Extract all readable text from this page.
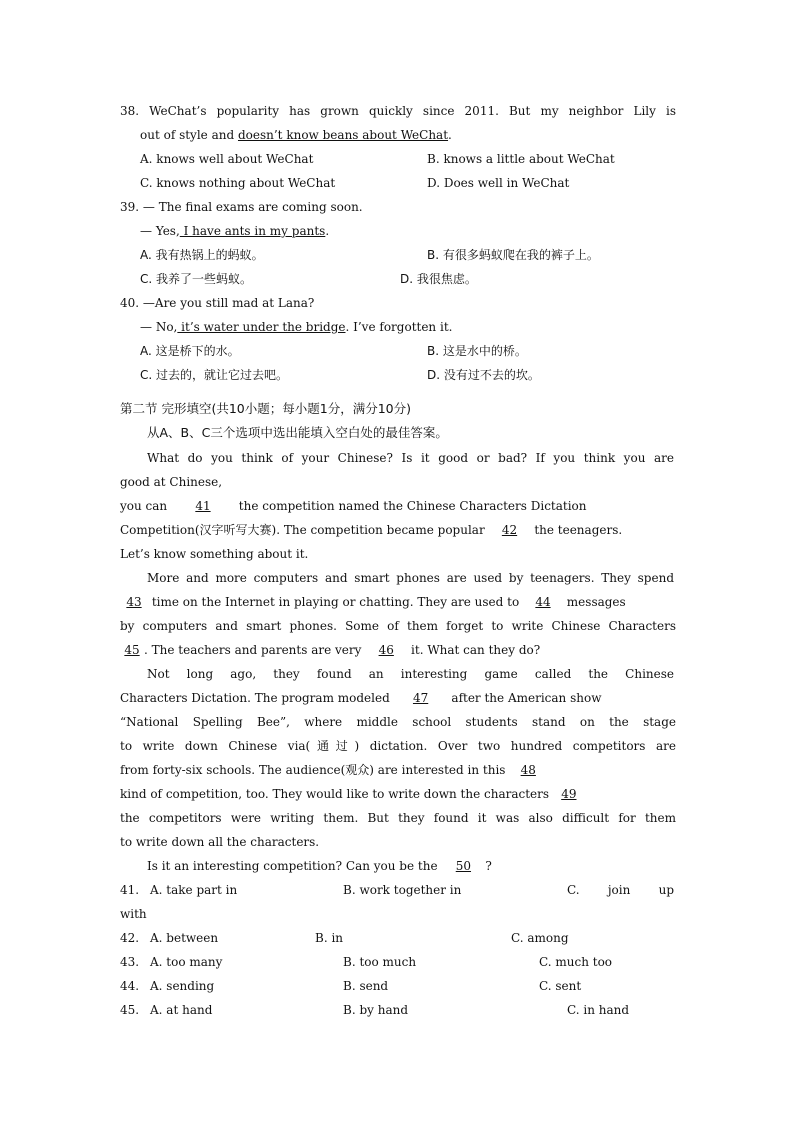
38. WeChat’s popularity has grown quickly since 2011. But my neighbor Lily is
out of style and doesn’t know beans about WeChat.
A. knows well about WeChat	B. knows a little about WeChat
C. knows nothing about WeChat	D. Does well in WeChat
39. — The final exams are coming soon.
— Yes, I have ants in my pants.
A. 我有热锅上的蚂蚁。	B. 有很多蚂蚁爬在我的裤子上。
C. 我养了一些蚂蚁。	D. 我很焦虑。
40. —Are you still mad at Lana?
— No, it’s water under the bridge. I’ve forgotten it.
A. 这是桥下的水。	B. 这是水中的桥。
C. 过去的，就让它过去吧。	D. 没有过不去的坎。
第二节 完形填空(共10小题；每小题1分，满分10分)
从A、B、C三个选项中选出能填入空白处的最佳答案。
What do you think of your Chinese? Is it good or bad? If you think you are
good at Chinese,
you can 41 the competition named the Chinese Characters Dictation
Competition(汉字听写大赛). The competition became popular 42 the teenagers.
Let’s know something about it.
More and more computers and smart phones are used by teenagers. They spend
43 time on the Internet in playing or chatting. They are used to 44 messages
by computers and smart phones. Some of them forget to write Chinese Characters
45 . The teachers and parents are very 46 it. What can they do?
Not long ago, they found an interesting game called the Chinese
Characters Dictation. The program modeled 47 after the American show
“National Spelling Bee”, where middle school students stand on the stage
to write down Chinese via(通过) dictation. Over two hundred competitors are
from forty-six schools. The audience(观众) are interested in this 48
kind of competition, too. They would like to write down the characters 49
the competitors were writing them. But they found it was also difficult for them
to write down all the characters.
Is it an interesting competition? Can you be the 50 ?
41. A. take part in	B. work together in	C. join up
with
42. A. between	B. in	C. among
43. A. too many	B. too much	C. much too
44. A. sending	B. send	C. sent
45. A. at hand	B. by hand	C. in hand
